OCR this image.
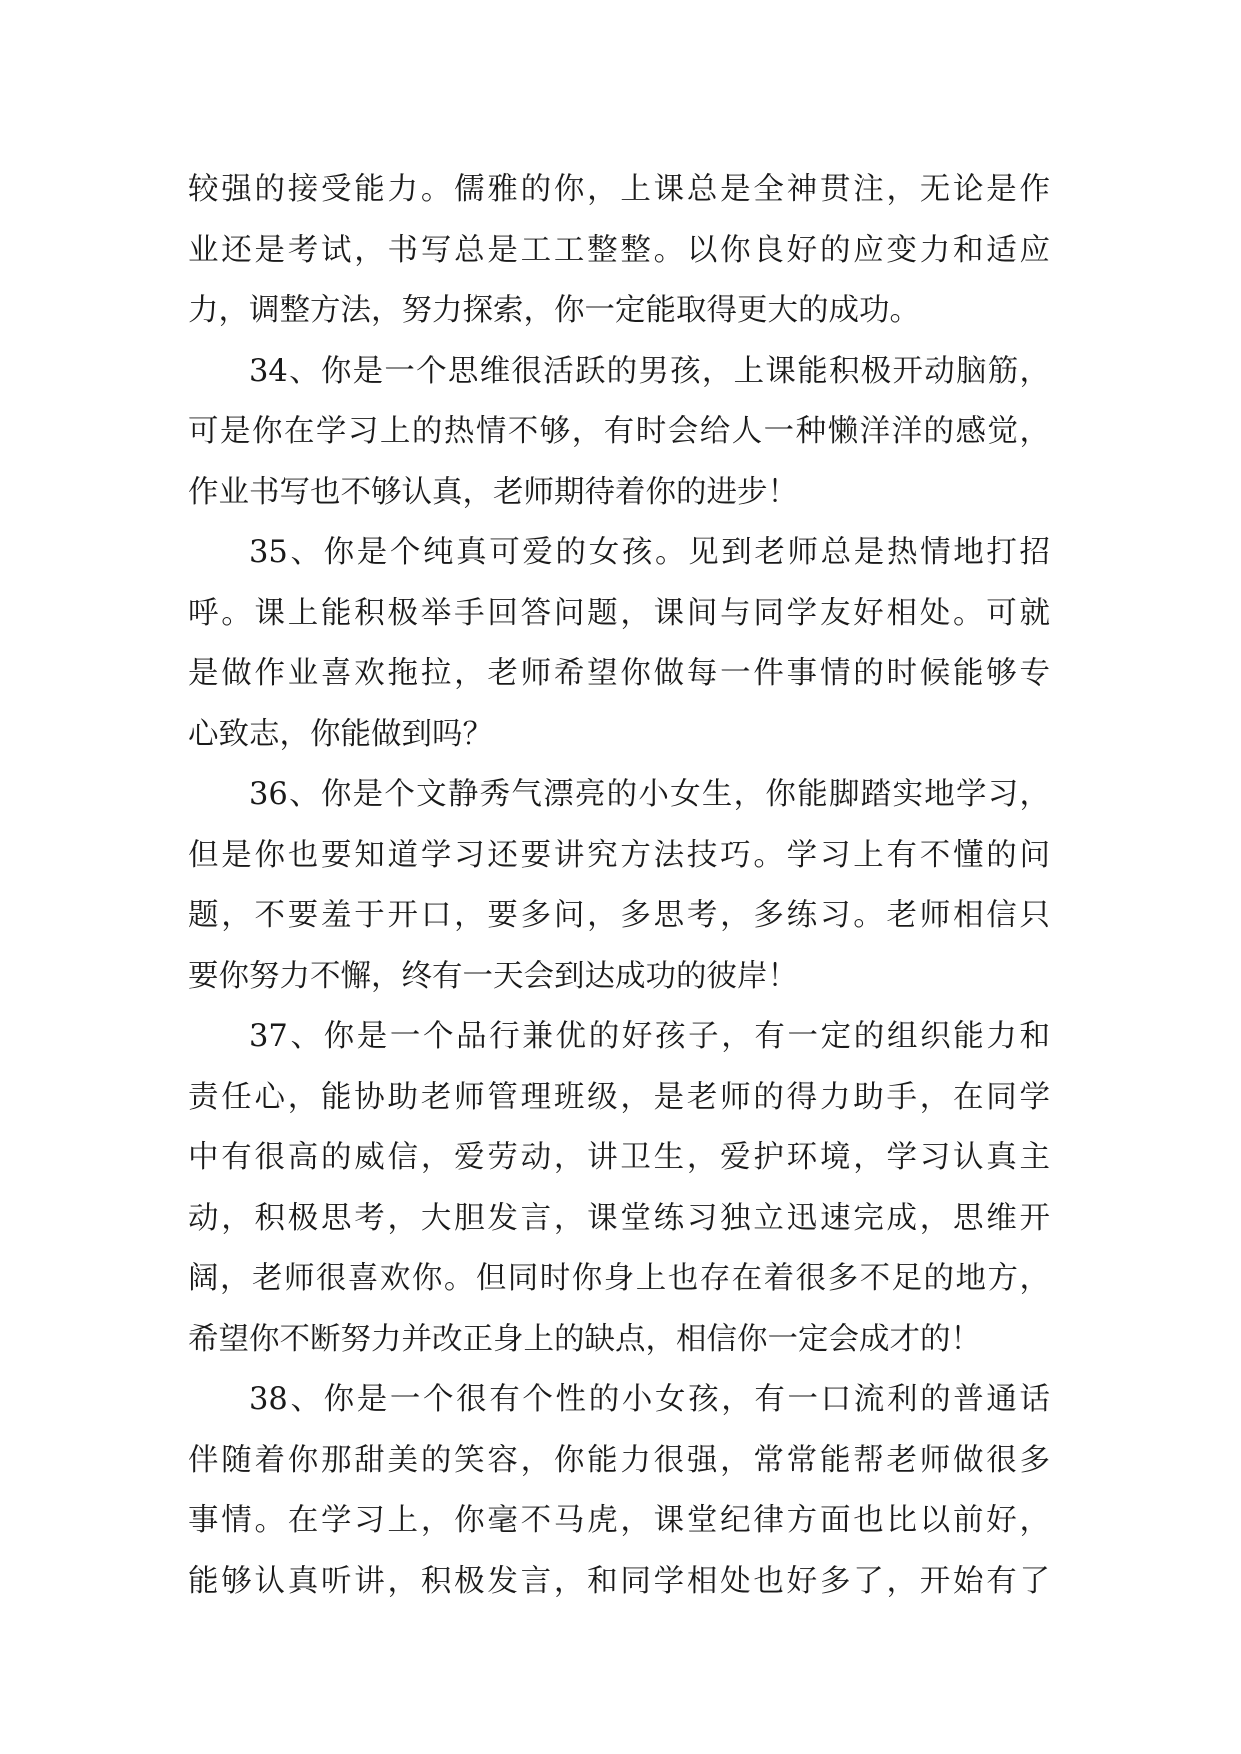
较强的接受能力。儒雅的你，上课总是全神贯注，无论是作
业还是考试，书写总是工工整整。以你良好的应变力和适应
力，调整方法，努力探索，你一定能取得更大的成功。
34、你是一个思维很活跃的男孩，上课能积极开动脑筋，
可是你在学习上的热情不够，有时会给人一种懒洋洋的感觉，
作业书写也不够认真，老师期待着你的进步！
35、你是个纯真可爱的女孩。见到老师总是热情地打招
呼。课上能积极举手回答问题，课间与同学友好相处。可就
是做作业喜欢拖拉，老师希望你做每一件事情的时候能够专
心致志，你能做到吗？
36、你是个文静秀气漂亮的小女生，你能脚踏实地学习，
但是你也要知道学习还要讲究方法技巧。学习上有不懂的问
题，不要羞于开口，要多问，多思考，多练习。老师相信只
要你努力不懈，终有一天会到达成功的彼岸！
37、你是一个品行兼优的好孩子，有一定的组织能力和
责任心，能协助老师管理班级，是老师的得力助手，在同学
中有很高的威信，爱劳动，讲卫生，爱护环境，学习认真主
动，积极思考，大胆发言，课堂练习独立迅速完成，思维开
阔，老师很喜欢你。但同时你身上也存在着很多不足的地方，
希望你不断努力并改正身上的缺点，相信你一定会成才的！
38、你是一个很有个性的小女孩，有一口流利的普通话
伴随着你那甜美的笑容，你能力很强，常常能帮老师做很多
事情。在学习上，你毫不马虎，课堂纪律方面也比以前好，
能够认真听讲，积极发言，和同学相处也好多了，开始有了
